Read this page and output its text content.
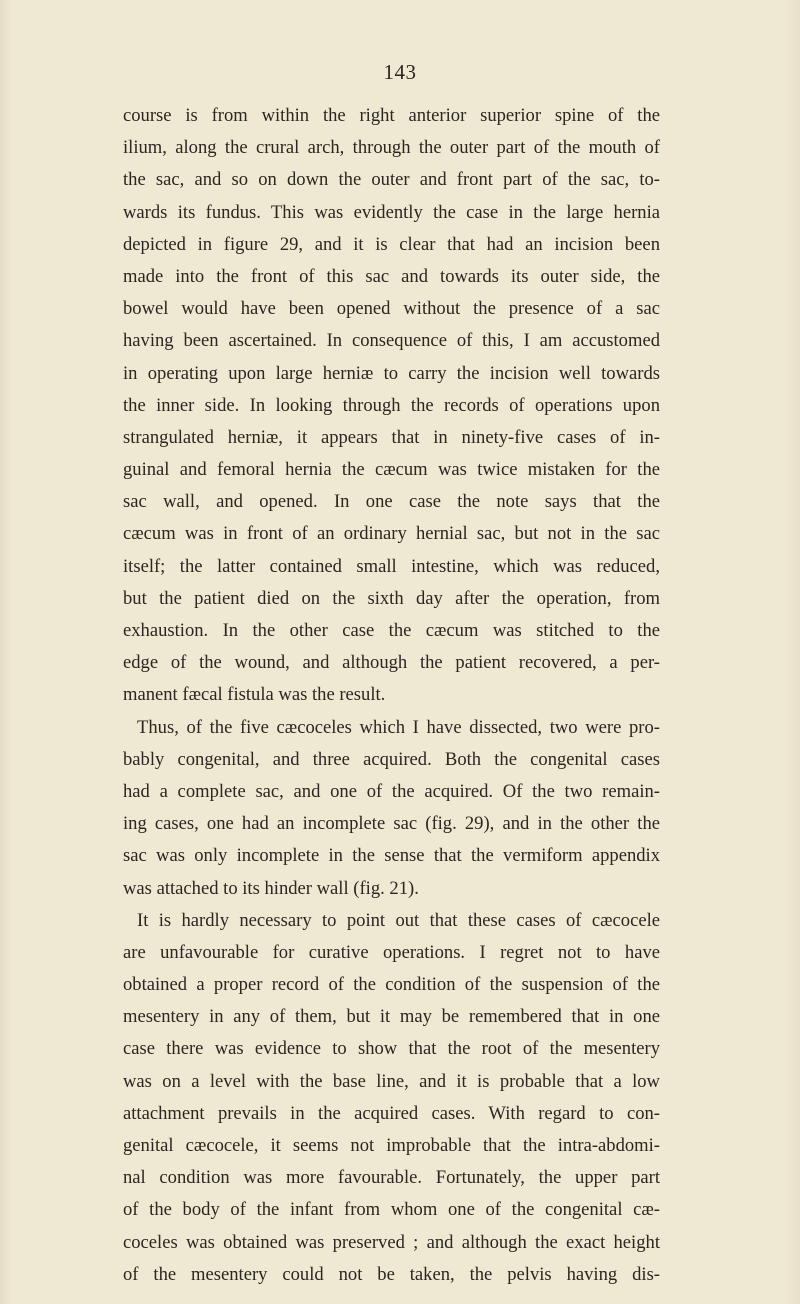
143
course is from within the right anterior superior spine of the
ilium, along the crural arch, through the outer part of the mouth of
the sac, and so on down the outer and front part of the sac, to-
wards its fundus. This was evidently the case in the large hernia
depicted in figure 29, and it is clear that had an incision been
made into the front of this sac and towards its outer side, the
bowel would have been opened without the presence of a sac
having been ascertained. In consequence of this, I am accustomed
in operating upon large herniæ to carry the incision well towards
the inner side. In looking through the records of operations upon
strangulated herniæ, it appears that in ninety-five cases of in-
guinal and femoral hernia the cæcum was twice mistaken for the
sac wall, and opened. In one case the note says that the
cæcum was in front of an ordinary hernial sac, but not in the sac
itself; the latter contained small intestine, which was reduced,
but the patient died on the sixth day after the operation, from
exhaustion. In the other case the cæcum was stitched to the
edge of the wound, and although the patient recovered, a per-
manent fæcal fistula was the result.
Thus, of the five cæcoceles which I have dissected, two were pro-
bably congenital, and three acquired. Both the congenital cases
had a complete sac, and one of the acquired. Of the two remain-
ing cases, one had an incomplete sac (fig. 29), and in the other the
sac was only incomplete in the sense that the vermiform appendix
was attached to its hinder wall (fig. 21).
It is hardly necessary to point out that these cases of cæcocele
are unfavourable for curative operations. I regret not to have
obtained a proper record of the condition of the suspension of the
mesentery in any of them, but it may be remembered that in one
case there was evidence to show that the root of the mesentery
was on a level with the base line, and it is probable that a low
attachment prevails in the acquired cases. With regard to con-
genital cæcocele, it seems not improbable that the intra-abdomi-
nal condition was more favourable. Fortunately, the upper part
of the body of the infant from whom one of the congenital cæ-
coceles was obtained was preserved ; and although the exact height
of the mesentery could not be taken, the pelvis having dis-
